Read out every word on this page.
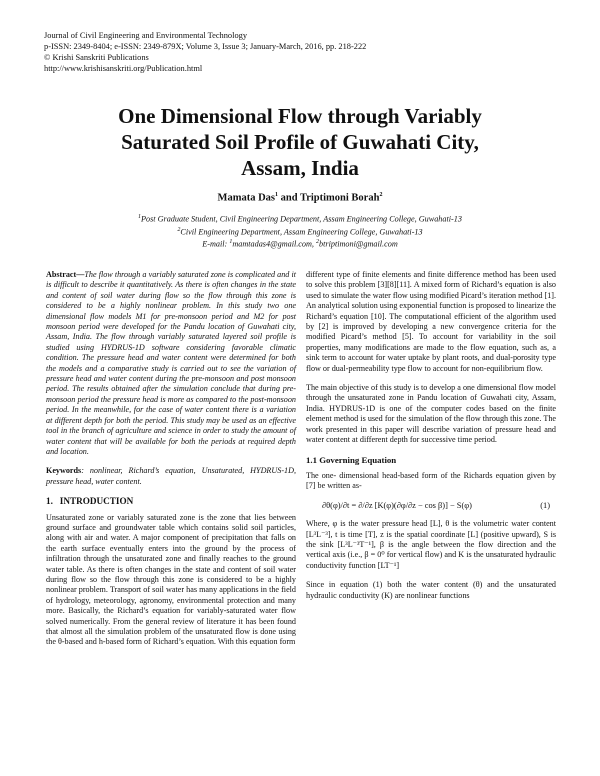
Journal of Civil Engineering and Environmental Technology
p-ISSN: 2349-8404; e-ISSN: 2349-879X; Volume 3, Issue 3; January-March, 2016, pp. 218-222
© Krishi Sanskriti Publications
http://www.krishisanskriti.org/Publication.html
One Dimensional Flow through Variably
Saturated Soil Profile of Guwahati City,
Assam, India
Mamata Das$^1$ and Triptimoni Borah$^2$
$^1$Post Graduate Student, Civil Engineering Department, Assam Engineering College, Guwahati-13
$^2$Civil Engineering Department, Assam Engineering College, Guwahati-13
E-mail: $^1$mamtadas4@gmail.com, $^2$btriptimoni@gmail.com

Abstract—The flow through a variably saturated zone is complicated and it is difficult to describe it quantitatively. As there is often changes in the state and content of soil water during flow so the flow through this zone is considered to be a highly nonlinear problem. In this study two one dimensional flow models M1 for pre-monsoon period and M2 for post monsoon period were developed for the Pandu location of Guwahati city, Assam, India. The flow through variably saturated layered soil profile is studied using HYDRUS-1D software considering favorable climatic condition. The pressure head and water content were determined for both the models and a comparative study is carried out to see the variation of pressure head and water content during the pre-monsoon and post monsoon period. The results obtained after the simulation conclude that during pre-monsoon period the pressure head is more as compared to the post-monsoon period. In the meanwhile, for the case of water content there is a variation at different depth for both the period. This study may be used as an effective tool in the branch of agriculture and science in order to study the amount of water content that will be available for both the periods at required depth and location.

Keywords: nonlinear, Richard’s equation, Unsaturated, HYDRUS-1D, pressure head, water content.

1. INTRODUCTION

Unsaturated zone or variably saturated zone is the zone that lies between ground surface and groundwater table which contains solid soil particles, along with air and water. A major component of precipitation that falls on the earth surface eventually enters into the ground by the process of infiltration through the unsaturated zone and finally reaches to the ground water table. As there is often changes in the state and content of soil water during flow so the flow through this zone is considered to be a highly nonlinear problem. Transport of soil water has many applications in the field of hydrology, meteorology, agronomy, environmental protection and many more. Basically, the Richard’s equation for variably-saturated water flow solved numerically. From the general review of literature it has been found that almost all the simulation problem of the unsaturated flow is done using the θ-based and h-based form of Richard’s equation. With this equation form

different type of finite elements and finite difference method has been used to solve this problem [3][8][11]. A mixed form of Richard’s equation is also used to simulate the water flow using modified Picard’s iteration method [1]. An analytical solution using exponential function is proposed to linearize the Richard’s equation [10]. The computational efficient of the algorithm used by [2] is improved by developing a new convergence criteria for the modified Picard’s method [5]. To account for variability in the soil properties, many modifications are made to the flow equation, such as, a sink term to account for water uptake by plant roots, and dual-porosity type flow or dual-permeability type flow to account for non-equilibrium flow.

The main objective of this study is to develop a one dimensional flow model through the unsaturated zone in Pandu location of Guwahati city, Assam, India. HYDRUS-1D is one of the computer codes based on the finite element method is used for the simulation of the flow through this zone. The work presented in this paper will describe variation of pressure head and water content at different depth for successive time period.

1.1 Governing Equation

The one- dimensional head-based form of the Richards equation given by [7] be written as-

∂θ(φ)/∂t = ∂/∂z [K(φ)(∂φ/∂z − cos β)] − S(φ)	(1)

Where, φ is the water pressure head [L], θ is the volumetric water content [L³L⁻³], t is time [T], z is the spatial coordinate [L] (positive upward), S is the sink [L³L⁻³T⁻¹], β is the angle between the flow direction and the vertical axis (i.e., β = 0⁰ for vertical flow) and K is the unsaturated hydraulic conductivity function [LT⁻¹]

Since in equation (1) both the water content (θ) and the unsaturated hydraulic conductivity (K) are nonlinear functions
